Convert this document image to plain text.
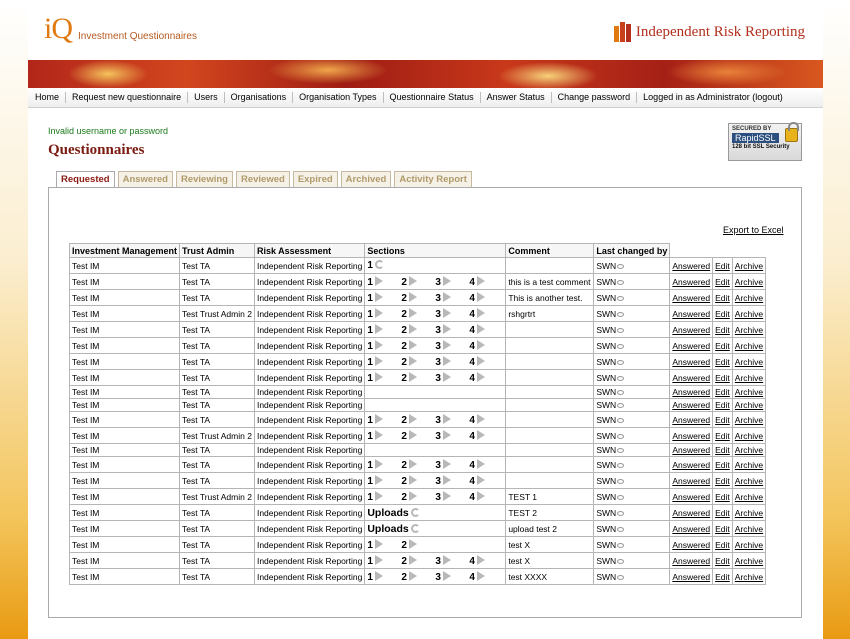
iQ Investment Questionnaires	Independent Risk Reporting
Home	Request new questionnaire	Users	Organisations	Organisation Types	Questionnaire Status	Answer Status	Change password	Logged in as Administrator (logout)
Invalid username or password
Questionnaires
SECURED BY
RapidSSL
128 bit SSL Security
Requested	Answered	Reviewing	Reviewed	Expired	Archived	Activity Report
Export to Excel
Investment Management	Trust Admin	Risk Assessment	Sections	Comment	Last changed by			
Test IM	Test TA	Independent Risk Reporting	1		SWN	Answered	Edit	Archive
Test IM	Test TA	Independent Risk Reporting	1 2 3 4	this is a test comment	SWN	Answered	Edit	Archive
Test IM	Test TA	Independent Risk Reporting	1 2 3 4	This is another test.	SWN	Answered	Edit	Archive
Test IM	Test Trust Admin 2	Independent Risk Reporting	1 2 3 4	rshgrtrt	SWN	Answered	Edit	Archive
Test IM	Test TA	Independent Risk Reporting	1 2 3 4		SWN	Answered	Edit	Archive
Test IM	Test TA	Independent Risk Reporting	1 2 3 4		SWN	Answered	Edit	Archive
Test IM	Test TA	Independent Risk Reporting	1 2 3 4		SWN	Answered	Edit	Archive
Test IM	Test TA	Independent Risk Reporting	1 2 3 4		SWN	Answered	Edit	Archive
Test IM	Test TA	Independent Risk Reporting			SWN	Answered	Edit	Archive
Test IM	Test TA	Independent Risk Reporting			SWN	Answered	Edit	Archive
Test IM	Test TA	Independent Risk Reporting	1 2 3 4		SWN	Answered	Edit	Archive
Test IM	Test Trust Admin 2	Independent Risk Reporting	1 2 3 4		SWN	Answered	Edit	Archive
Test IM	Test TA	Independent Risk Reporting			SWN	Answered	Edit	Archive
Test IM	Test TA	Independent Risk Reporting	1 2 3 4		SWN	Answered	Edit	Archive
Test IM	Test TA	Independent Risk Reporting	1 2 3 4		SWN	Answered	Edit	Archive
Test IM	Test Trust Admin 2	Independent Risk Reporting	1 2 3 4	TEST 1	SWN	Answered	Edit	Archive
Test IM	Test TA	Independent Risk Reporting	Uploads	TEST 2	SWN	Answered	Edit	Archive
Test IM	Test TA	Independent Risk Reporting	Uploads	upload test 2	SWN	Answered	Edit	Archive
Test IM	Test TA	Independent Risk Reporting	1 2	test X	SWN	Answered	Edit	Archive
Test IM	Test TA	Independent Risk Reporting	1 2 3 4	test X	SWN	Answered	Edit	Archive
Test IM	Test TA	Independent Risk Reporting	1 2 3 4	test XXXX	SWN	Answered	Edit	Archive
